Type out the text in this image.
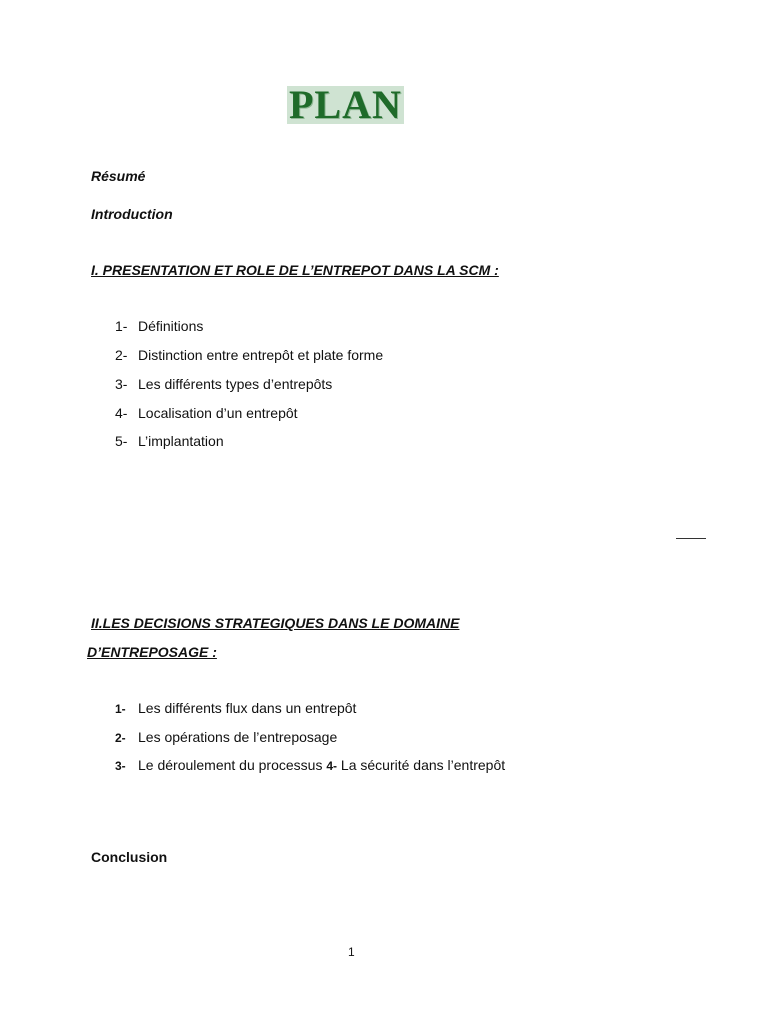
PLAN
Résumé
Introduction
I. PRESENTATION ET ROLE DE L’ENTREPOT DANS LA SCM :
1- Définitions
2- Distinction entre entrepôt et plate forme
3- Les différents types d’entrepôts
4- Localisation d’un entrepôt
5- L’implantation
II.LES DECISIONS STRATEGIQUES DANS LE DOMAINE
D’ENTREPOSAGE :
1- Les différents flux dans un entrepôt
2- Les opérations de l’entreposage
3- Le déroulement du processus 4- La sécurité dans l’entrepôt
Conclusion
1
